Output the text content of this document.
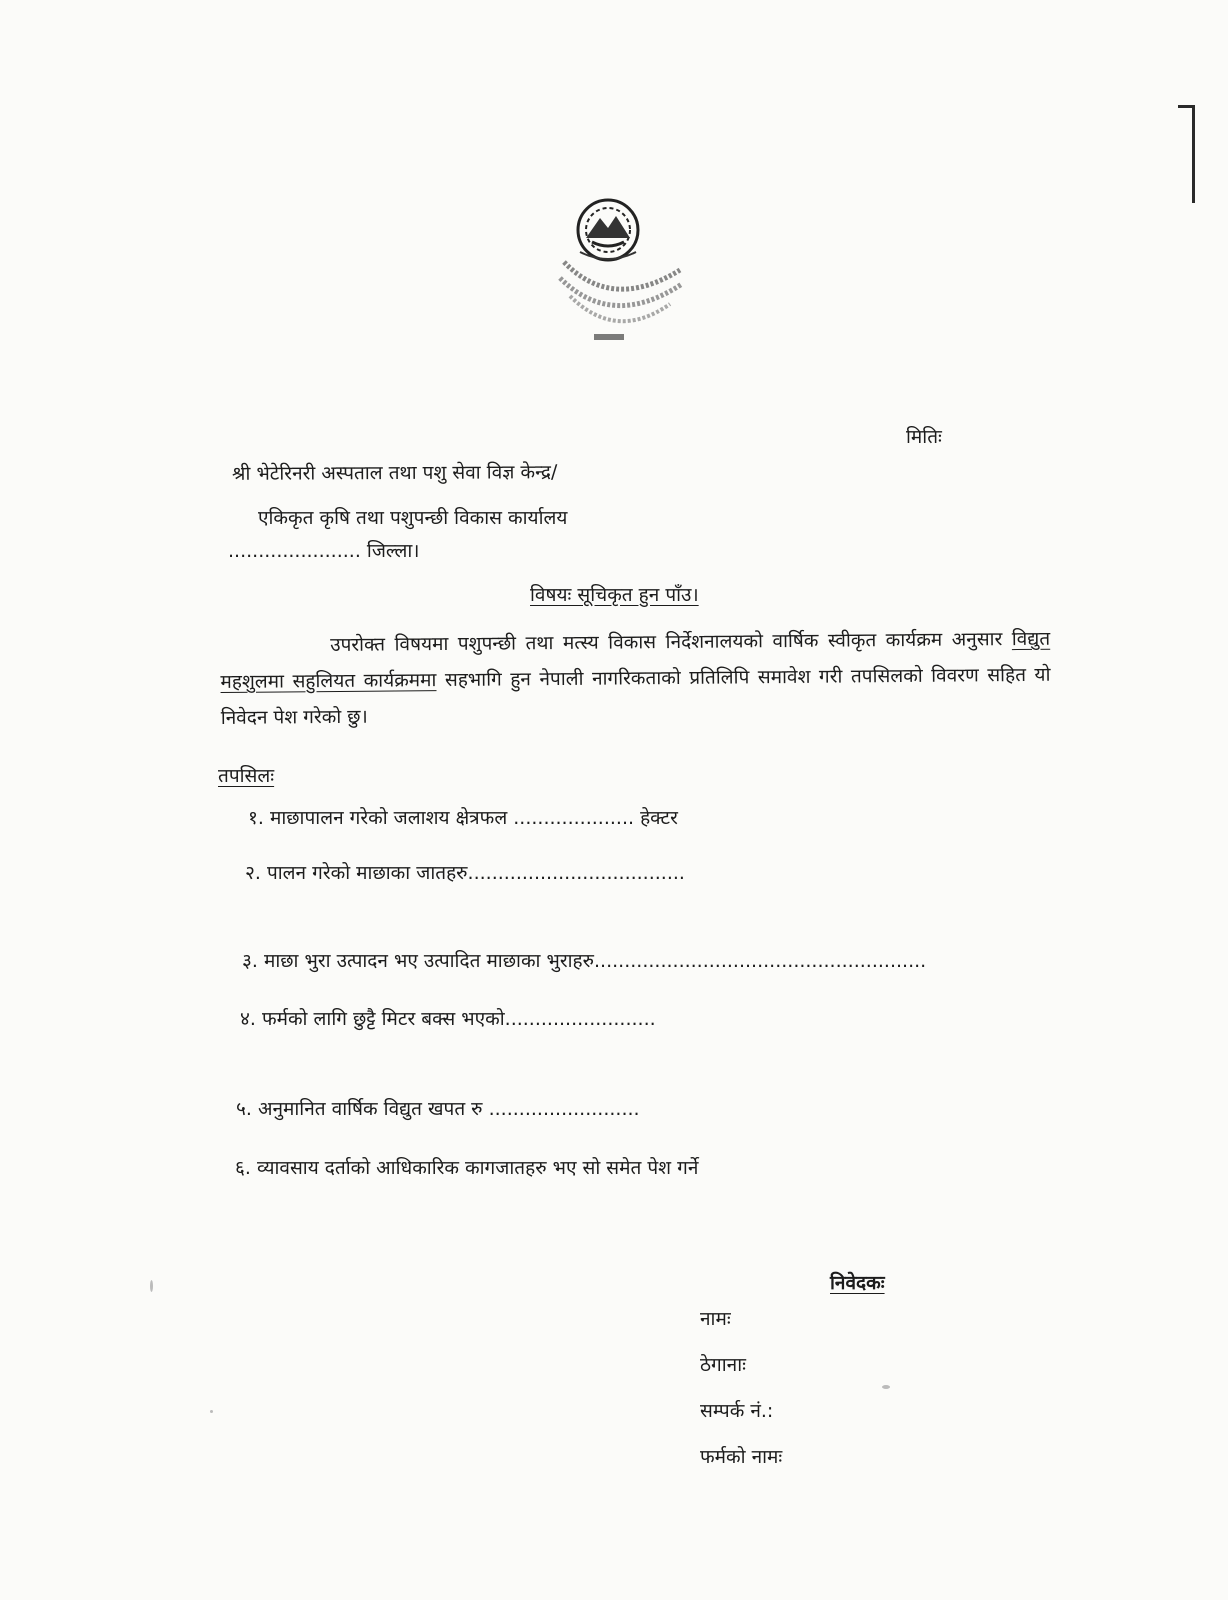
मितिः
श्री भेटेरिनरी अस्पताल तथा पशु सेवा विज्ञ केन्द्र/
एकिकृत कृषि तथा पशुपन्छी विकास कार्यालय
...................... जिल्ला।
विषयः सूचिकृत हुन पाँउ।
उपरोक्त विषयमा पशुपन्छी तथा मत्स्य विकास निर्देशनालयको वार्षिक स्वीकृत कार्यक्रम अनुसार विद्युत महशुलमा सहुलियत कार्यक्रममा सहभागि हुन नेपाली नागरिकताको प्रतिलिपि समावेश गरी तपसिलको विवरण सहित यो निवेदन पेश गरेको छु।
तपसिलः
१. माछापालन गरेको जलाशय क्षेत्रफल .................... हेक्टर
२. पालन गरेको माछाका जातहरु....................................
३. माछा भुरा उत्पादन भए उत्पादित माछाका भुराहरु.......................................................
४. फर्मको लागि छुट्टै मिटर बक्स भएको.........................
५. अनुमानित वार्षिक विद्युत खपत रु .........................
६. व्यावसाय दर्ताको आधिकारिक कागजातहरु भए सो समेत पेश गर्ने
निवेदकः
नामः
ठेगानाः
सम्पर्क नं.:
फर्मको नामः
